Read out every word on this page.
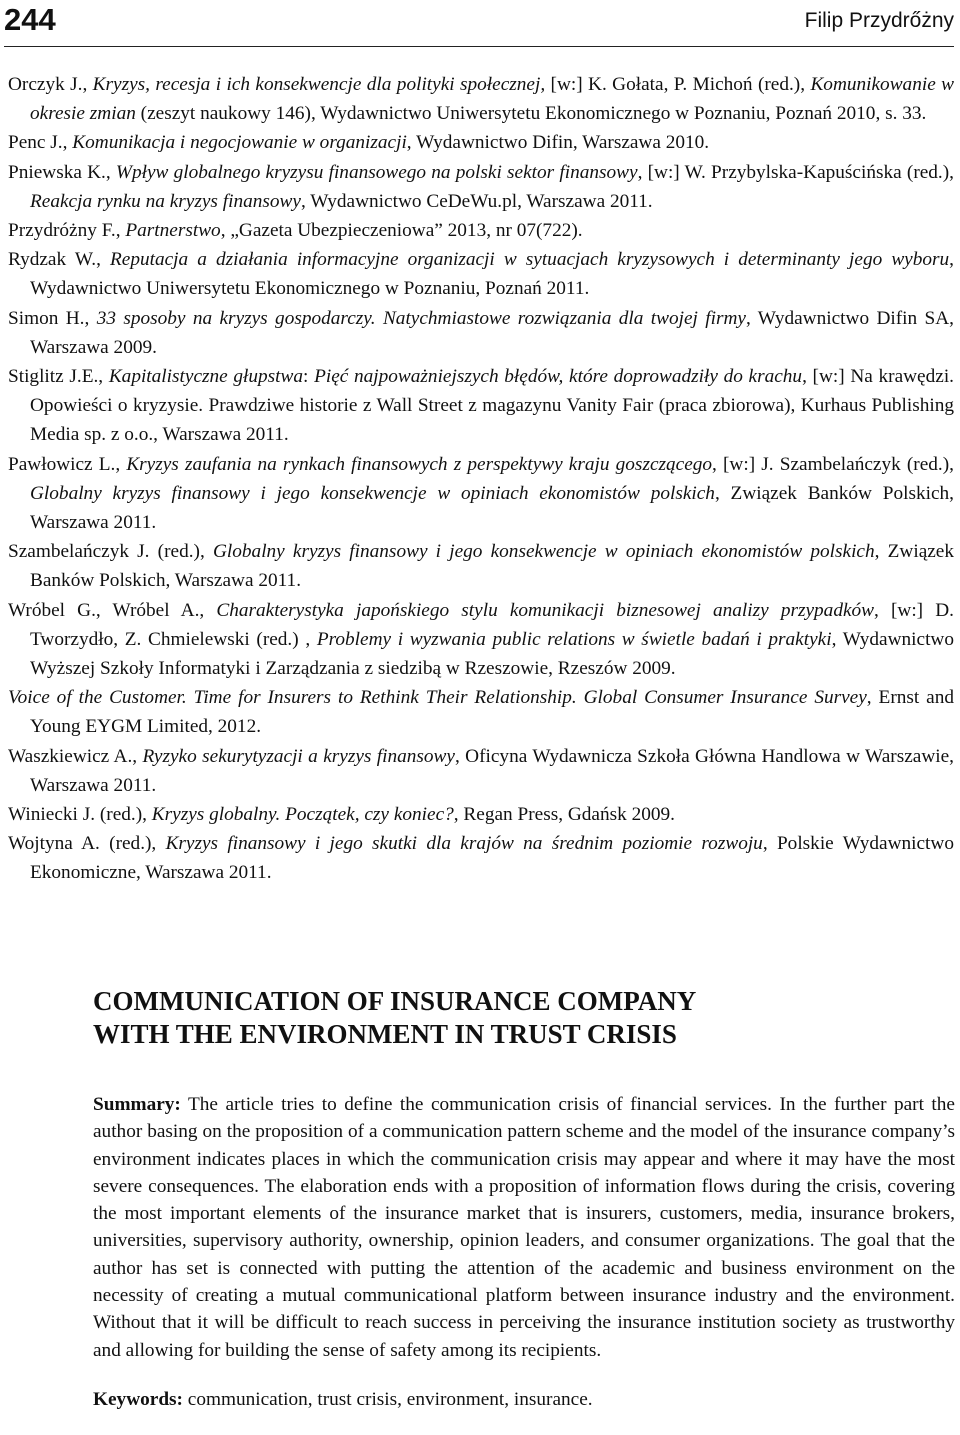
244	Filip Przydrőżny
Orczyk J., Kryzys, recesja i ich konsekwencje dla polityki społecznej, [w:] K. Gołata, P. Michoń (red.), Komunikowanie w okresie zmian (zeszyt naukowy 146), Wydawnictwo Uniwersytetu Ekonomicznego w Poznaniu, Poznań 2010, s. 33.
Penc J., Komunikacja i negocjowanie w organizacji, Wydawnictwo Difin, Warszawa 2010.
Pniewska K., Wpływ globalnego kryzysu finansowego na polski sektor finansowy, [w:] W. Przybylska-Kapuścińska (red.), Reakcja rynku na kryzys finansowy, Wydawnictwo CeDeWu.pl, Warszawa 2011.
Przydróżny F., Partnerstwo, „Gazeta Ubezpieczeniowa” 2013, nr 07(722).
Rydzak W., Reputacja a działania informacyjne organizacji w sytuacjach kryzysowych i determinanty jego wyboru, Wydawnictwo Uniwersytetu Ekonomicznego w Poznaniu, Poznań 2011.
Simon H., 33 sposoby na kryzys gospodarczy. Natychmiastowe rozwiązania dla twojej firmy, Wydawnictwo Difin SA, Warszawa 2009.
Stiglitz J.E., Kapitalistyczne głupstwa: Pięć najpoważniejszych błędów, które doprowadziły do krachu, [w:] Na krawędzi. Opowieści o kryzysie. Prawdziwe historie z Wall Street z magazynu Vanity Fair (praca zbiorowa), Kurhaus Publishing Media sp. z o.o., Warszawa 2011.
Pawłowicz L., Kryzys zaufania na rynkach finansowych z perspektywy kraju goszczącego, [w:] J. Szambelańczyk (red.), Globalny kryzys finansowy i jego konsekwencje w opiniach ekonomistów polskich, Związek Banków Polskich, Warszawa 2011.
Szambelańczyk J. (red.), Globalny kryzys finansowy i jego konsekwencje w opiniach ekonomistów polskich, Związek Banków Polskich, Warszawa 2011.
Wróbel G., Wróbel A., Charakterystyka japońskiego stylu komunikacji biznesowej analizy przypadków, [w:] D. Tworzydło, Z. Chmielewski (red.) , Problemy i wyzwania public relations w świetle badań i praktyki, Wydawnictwo Wyższej Szkoły Informatyki i Zarządzania z siedzibą w Rzeszowie, Rzeszów 2009.
Voice of the Customer. Time for Insurers to Rethink Their Relationship. Global Consumer Insurance Survey, Ernst and Young EYGM Limited, 2012.
Waszkiewicz A., Ryzyko sekurytyzacji a kryzys finansowy, Oficyna Wydawnicza Szkoła Główna Handlowa w Warszawie, Warszawa 2011.
Winiecki J. (red.), Kryzys globalny. Początek, czy koniec?, Regan Press, Gdańsk 2009.
Wojtyna A. (red.), Kryzys finansowy i jego skutki dla krajów na średnim poziomie rozwoju, Polskie Wydawnictwo Ekonomiczne, Warszawa 2011.
COMMUNICATION OF INSURANCE COMPANY
WITH THE ENVIRONMENT IN TRUST CRISIS

Summary: The article tries to define the communication crisis of financial services. In the further part the author basing on the proposition of a communication pattern scheme and the model of the insurance company’s environment indicates places in which the communication crisis may appear and where it may have the most severe consequences. The elaboration ends with a proposition of information flows during the crisis, covering the most important elements of the insurance market that is insurers, customers, media, insurance brokers, universities, supervisory authority, ownership, opinion leaders, and consumer organizations. The goal that the author has set is connected with putting the attention of the academic and business environment on the necessity of creating a mutual communicational platform between insurance industry and the environment. Without that it will be difficult to reach success in perceiving the insurance institution society as trustworthy and allowing for building the sense of safety among its recipients.

Keywords: communication, trust crisis, environment, insurance.
